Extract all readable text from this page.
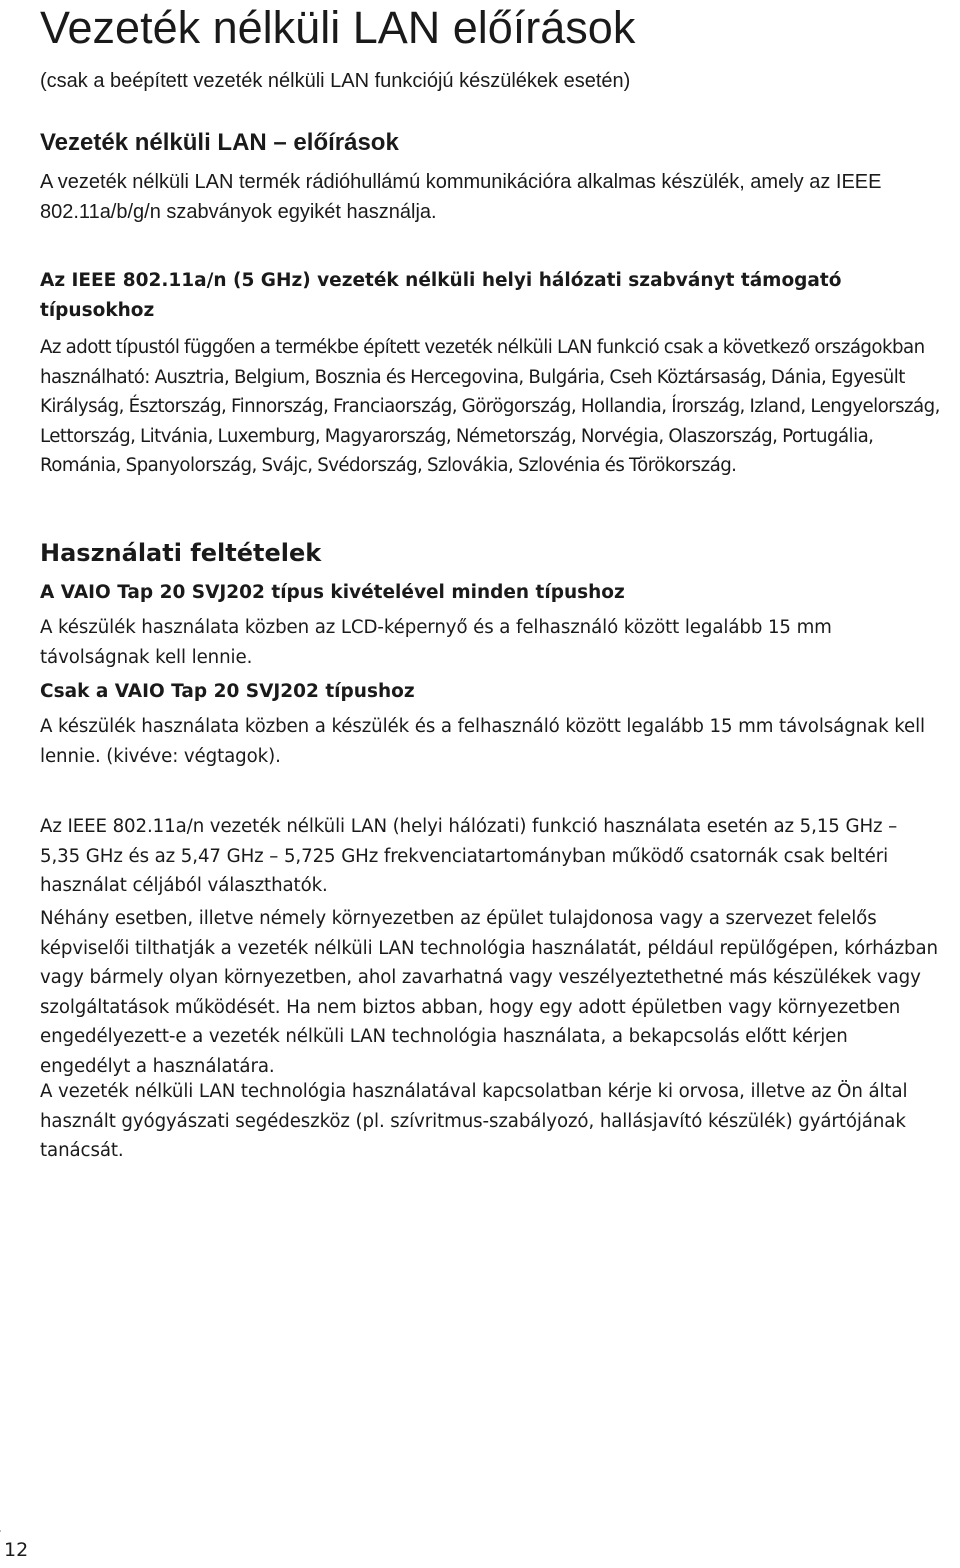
Vezeték nélküli LAN előírások

(csak a beépített vezeték nélküli LAN funkciójú készülékek esetén)

Vezeték nélküli LAN – előírások

A vezeték nélküli LAN termék rádióhullámú kommunikációra alkalmas készülék, amely az IEEE 802.11a/b/g/n szabványok egyikét használja.

Az IEEE 802.11a/n (5 GHz) vezeték nélküli helyi hálózati szabványt támogató típusokhoz

Az adott típustól függően a termékbe épített vezeték nélküli LAN funkció csak a következő országokban használható: Ausztria, Belgium, Bosznia és Hercegovina, Bulgária, Cseh Köztársaság, Dánia, Egyesült Királyság, Észtország, Finnország, Franciaország, Görögország, Hollandia, Írország, Izland, Lengyelország, Lettország, Litvánia, Luxemburg, Magyarország, Németország, Norvégia, Olaszország, Portugália, Románia, Spanyolország, Svájc, Svédország, Szlovákia, Szlovénia és Törökország.

Használati feltételek
A VAIO Tap 20 SVJ202 típus kivételével minden típushoz

A készülék használata közben az LCD-képernyő és a felhasználó között legalább 15 mm távolságnak kell lennie.

Csak a VAIO Tap 20 SVJ202 típushoz

A készülék használata közben a készülék és a felhasználó között legalább 15 mm távolságnak kell lennie. (kivéve: végtagok).

Az IEEE 802.11a/n vezeték nélküli LAN (helyi hálózati) funkció használata esetén az 5,15 GHz – 5,35 GHz és az 5,47 GHz – 5,725 GHz frekvenciatartományban működő csatornák csak beltéri használat céljából választhatók.

Néhány esetben, illetve némely környezetben az épület tulajdonosa vagy a szervezet felelős képviselői tilthatják a vezeték nélküli LAN technológia használatát, például repülőgépen, kórházban vagy bármely olyan környezetben, ahol zavarhatná vagy veszélyeztethetné más készülékek vagy szolgáltatások működését. Ha nem biztos abban, hogy egy adott épületben vagy környezetben engedélyezett-e a vezeték nélküli LAN technológia használata, a bekapcsolás előtt kérjen engedélyt a használatára.

A vezeték nélküli LAN technológia használatával kapcsolatban kérje ki orvosa, illetve az Ön által használt gyógyászati segédeszköz (pl. szívritmus-szabályozó, hallásjavító készülék) gyártójának tanácsát.

12
